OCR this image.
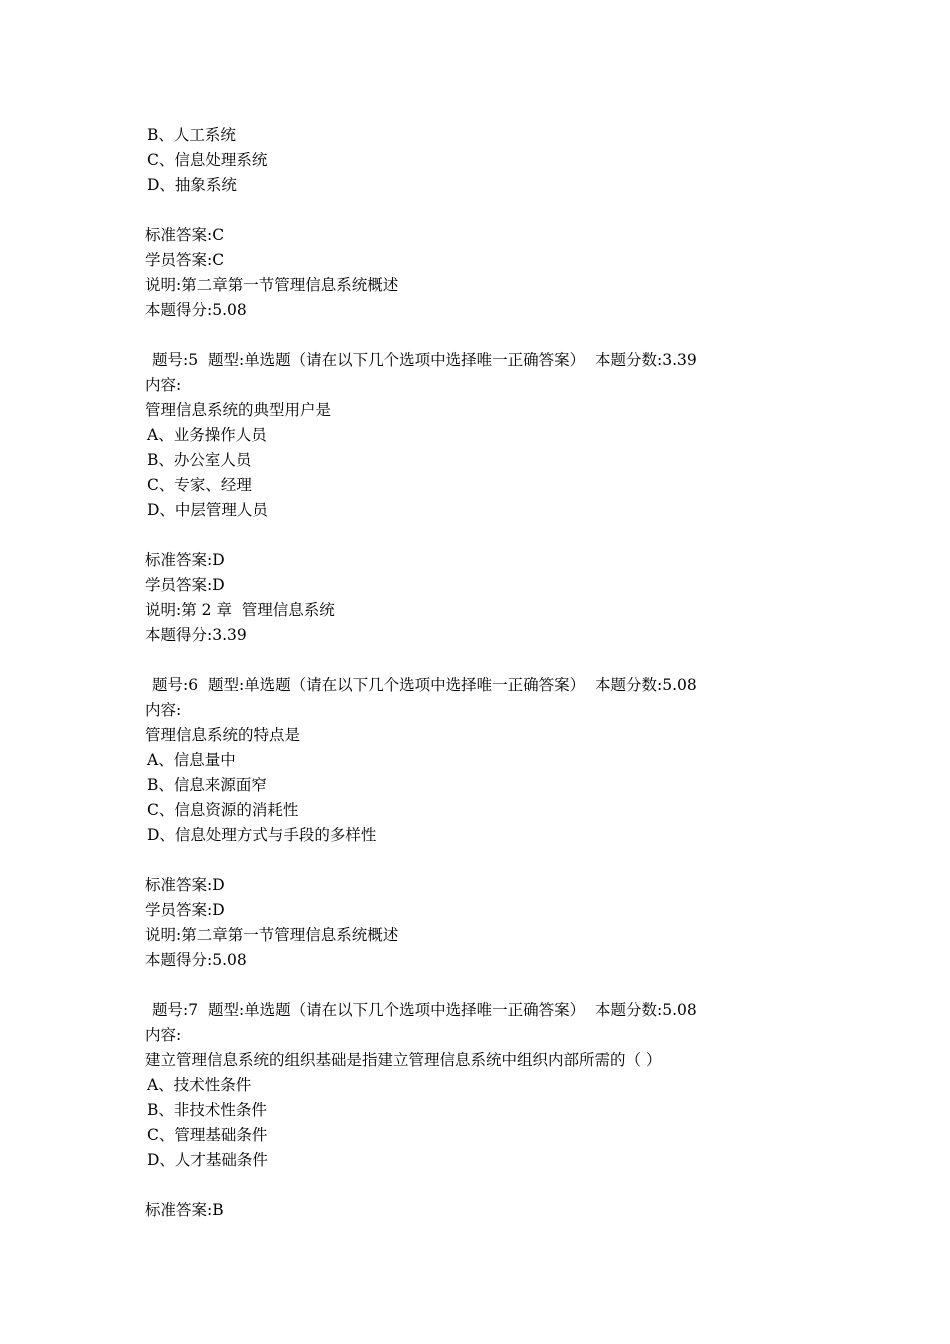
B、人工系统
C、信息处理系统
D、抽象系统
标准答案:C
学员答案:C
说明:第二章第一节管理信息系统概述
本题得分:5.08
题号:5  题型:单选题（请在以下几个选项中选择唯一正确答案）  本题分数:3.39
内容:
管理信息系统的典型用户是
A、业务操作人员
B、办公室人员
C、专家、经理
D、中层管理人员
标准答案:D
学员答案:D
说明:第 2 章  管理信息系统
本题得分:3.39
题号:6  题型:单选题（请在以下几个选项中选择唯一正确答案）  本题分数:5.08
内容:
管理信息系统的特点是
A、信息量中
B、信息来源面窄
C、信息资源的消耗性
D、信息处理方式与手段的多样性
标准答案:D
学员答案:D
说明:第二章第一节管理信息系统概述
本题得分:5.08
题号:7  题型:单选题（请在以下几个选项中选择唯一正确答案）  本题分数:5.08
内容:
建立管理信息系统的组织基础是指建立管理信息系统中组织内部所需的（ ）
A、技术性条件
B、非技术性条件
C、管理基础条件
D、人才基础条件
标准答案:B
